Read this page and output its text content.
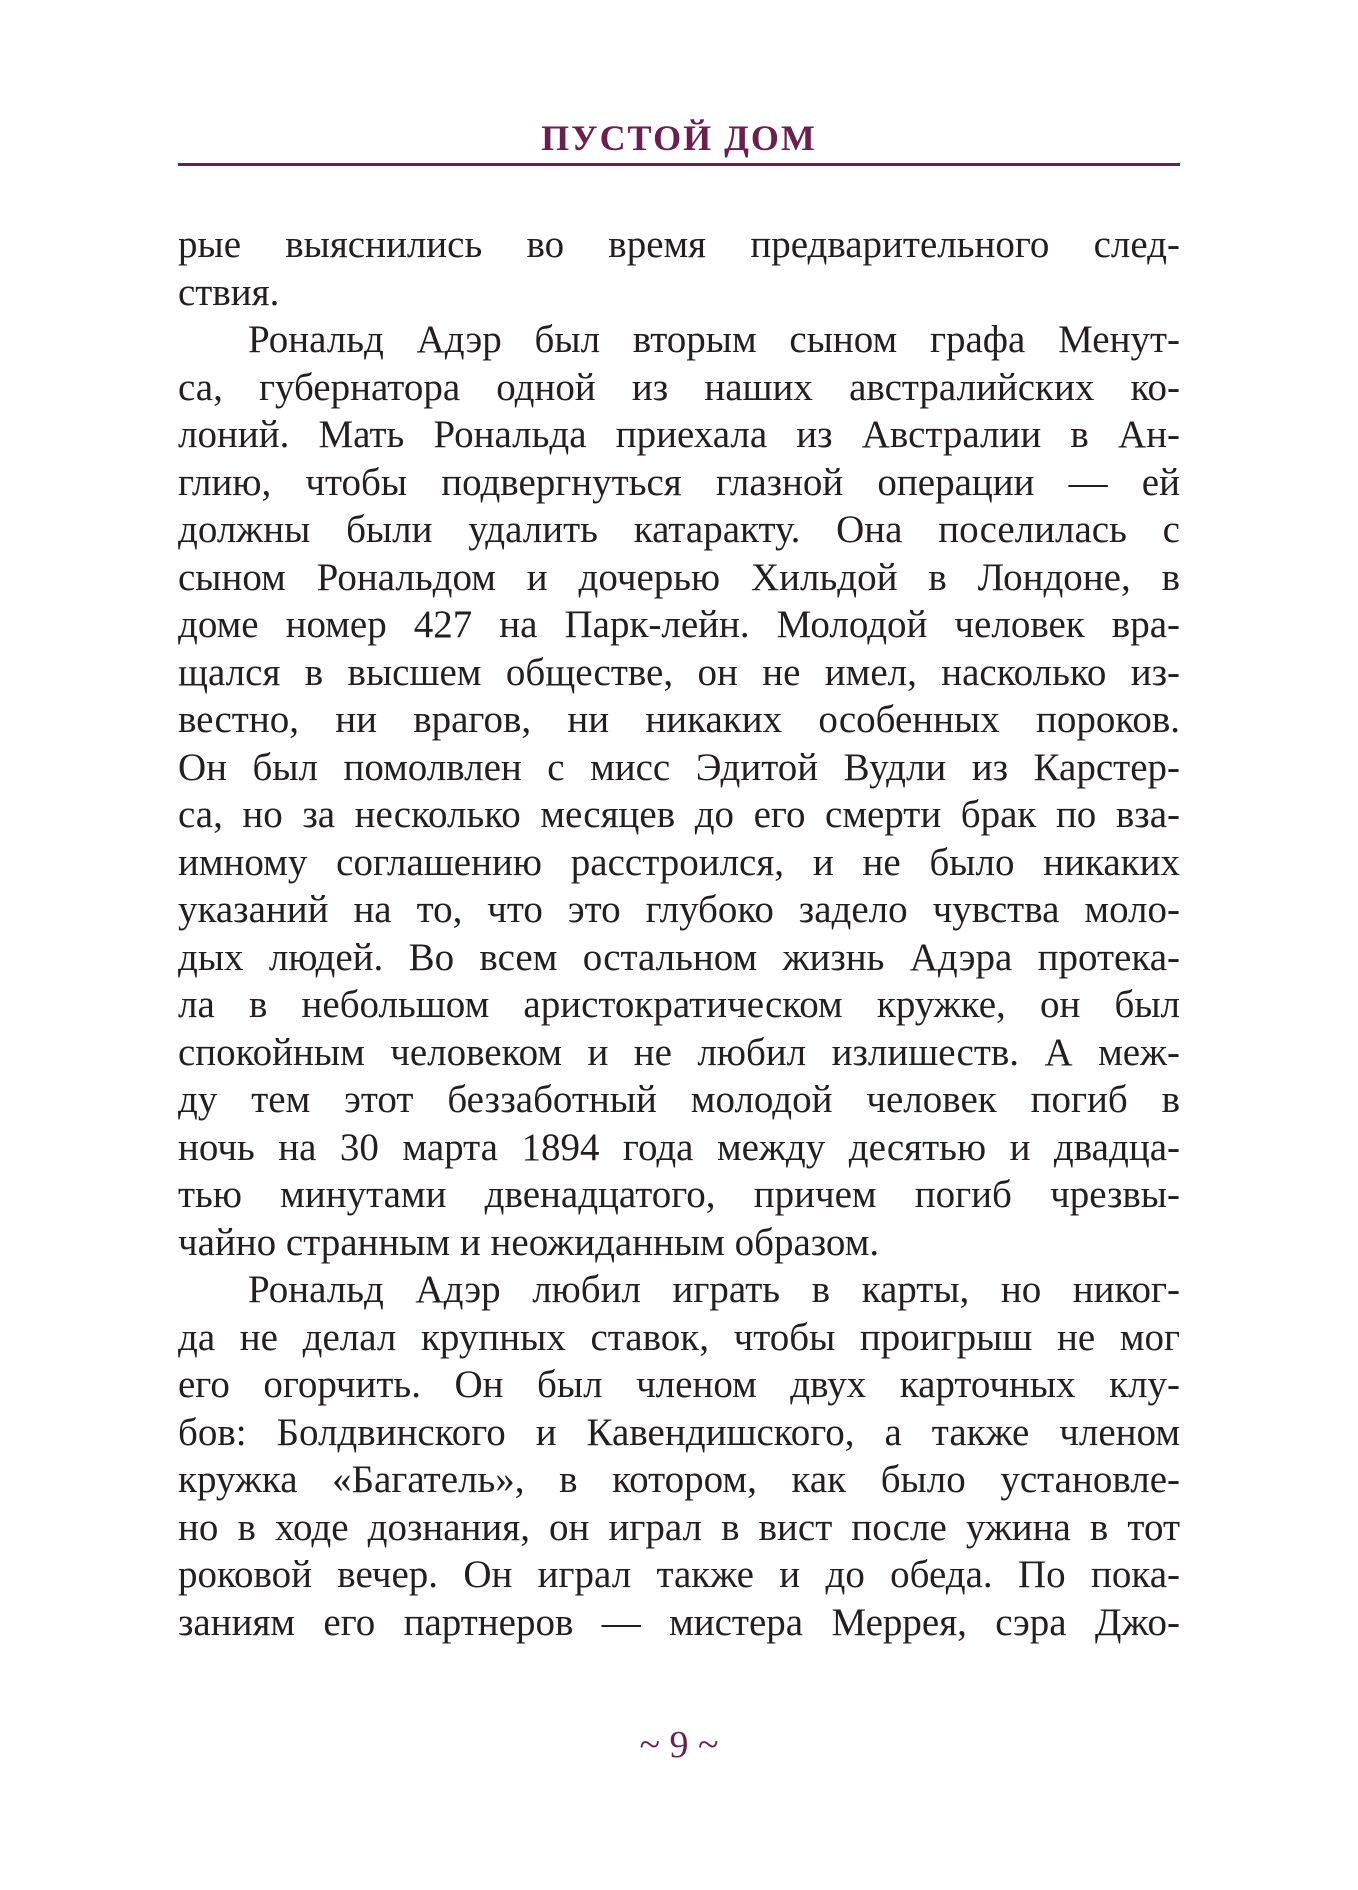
ПУСТОЙ ДОМ
рые выяснились во время предварительного след-
ствия.
Рональд Адэр был вторым сыном графа Менут-
са, губернатора одной из наших австралийских ко-
лоний. Мать Рональда приехала из Австралии в Ан-
глию, чтобы подвергнуться глазной операции — ей
должны были удалить катаракту. Она поселилась с
сыном Рональдом и дочерью Хильдой в Лондоне, в
доме номер 427 на Парк-лейн. Молодой человек вра-
щался в высшем обществе, он не имел, насколько из-
вестно, ни врагов, ни никаких особенных пороков.
Он был помолвлен с мисс Эдитой Вудли из Карстер-
са, но за несколько месяцев до его смерти брак по вза-
имному соглашению расстроился, и не было никаких
указаний на то, что это глубоко задело чувства моло-
дых людей. Во всем остальном жизнь Адэра протека-
ла в небольшом аристократическом кружке, он был
спокойным человеком и не любил излишеств. А меж-
ду тем этот беззаботный молодой человек погиб в
ночь на 30 марта 1894 года между десятью и двадца-
тью минутами двенадцатого, причем погиб чрезвы-
чайно странным и неожиданным образом.
Рональд Адэр любил играть в карты, но никог-
да не делал крупных ставок, чтобы проигрыш не мог
его огорчить. Он был членом двух карточных клу-
бов: Болдвинского и Кавендишского, а также членом
кружка «Багатель», в котором, как было установле-
но в ходе дознания, он играл в вист после ужина в тот
роковой вечер. Он играл также и до обеда. По пока-
заниям его партнеров — мистера Меррея, сэра Джо-
~ 9 ~
